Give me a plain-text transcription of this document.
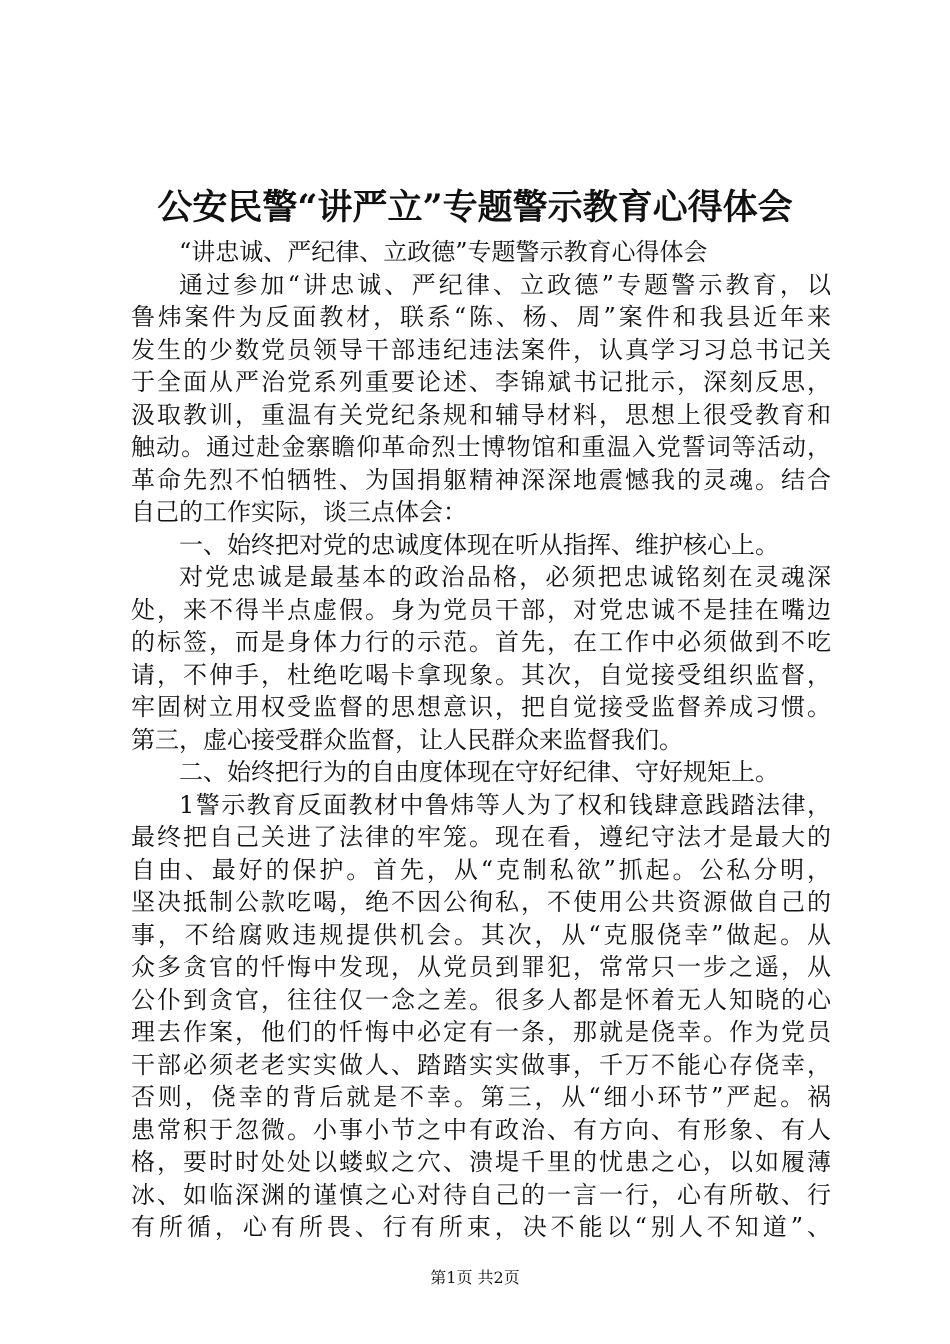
公安民警“讲严立”专题警示教育心得体会
“讲忠诚、严纪律、立政德”专题警示教育心得体会
通过参加“讲忠诚、严纪律、立政德”专题警示教育，以
鲁炜案件为反面教材，联系“陈、杨、周”案件和我县近年来
发生的少数党员领导干部违纪违法案件，认真学习习总书记关
于全面从严治党系列重要论述、李锦斌书记批示，深刻反思，
汲取教训，重温有关党纪条规和辅导材料，思想上很受教育和
触动。通过赴金寨瞻仰革命烈士博物馆和重温入党誓词等活动，
革命先烈不怕牺牲、为国捐躯精神深深地震憾我的灵魂。结合
自己的工作实际，谈三点体会：
一、始终把对党的忠诚度体现在听从指挥、维护核心上。
对党忠诚是最基本的政治品格，必须把忠诚铭刻在灵魂深
处，来不得半点虚假。身为党员干部，对党忠诚不是挂在嘴边
的标签，而是身体力行的示范。首先，在工作中必须做到不吃
请，不伸手，杜绝吃喝卡拿现象。其次，自觉接受组织监督，
牢固树立用权受监督的思想意识，把自觉接受监督养成习惯。
第三，虚心接受群众监督，让人民群众来监督我们。
二、始终把行为的自由度体现在守好纪律、守好规矩上。
1警示教育反面教材中鲁炜等人为了权和钱肆意践踏法律，
最终把自己关进了法律的牢笼。现在看，遵纪守法才是最大的
自由、最好的保护。首先，从“克制私欲”抓起。公私分明，
坚决抵制公款吃喝，绝不因公徇私，不使用公共资源做自己的
事，不给腐败违规提供机会。其次，从“克服侥幸”做起。从
众多贪官的忏悔中发现，从党员到罪犯，常常只一步之遥，从
公仆到贪官，往往仅一念之差。很多人都是怀着无人知晓的心
理去作案，他们的忏悔中必定有一条，那就是侥幸。作为党员
干部必须老老实实做人、踏踏实实做事，千万不能心存侥幸，
否则，侥幸的背后就是不幸。第三，从“细小环节”严起。祸
患常积于忽微。小事小节之中有政治、有方向、有形象、有人
格，要时时处处以蝼蚁之穴、溃堤千里的忧患之心，以如履薄
冰、如临深渊的谨慎之心对待自己的一言一行，心有所敬、行
有所循，心有所畏、行有所束，决不能以“别人不知道”、
第1页 共2页
